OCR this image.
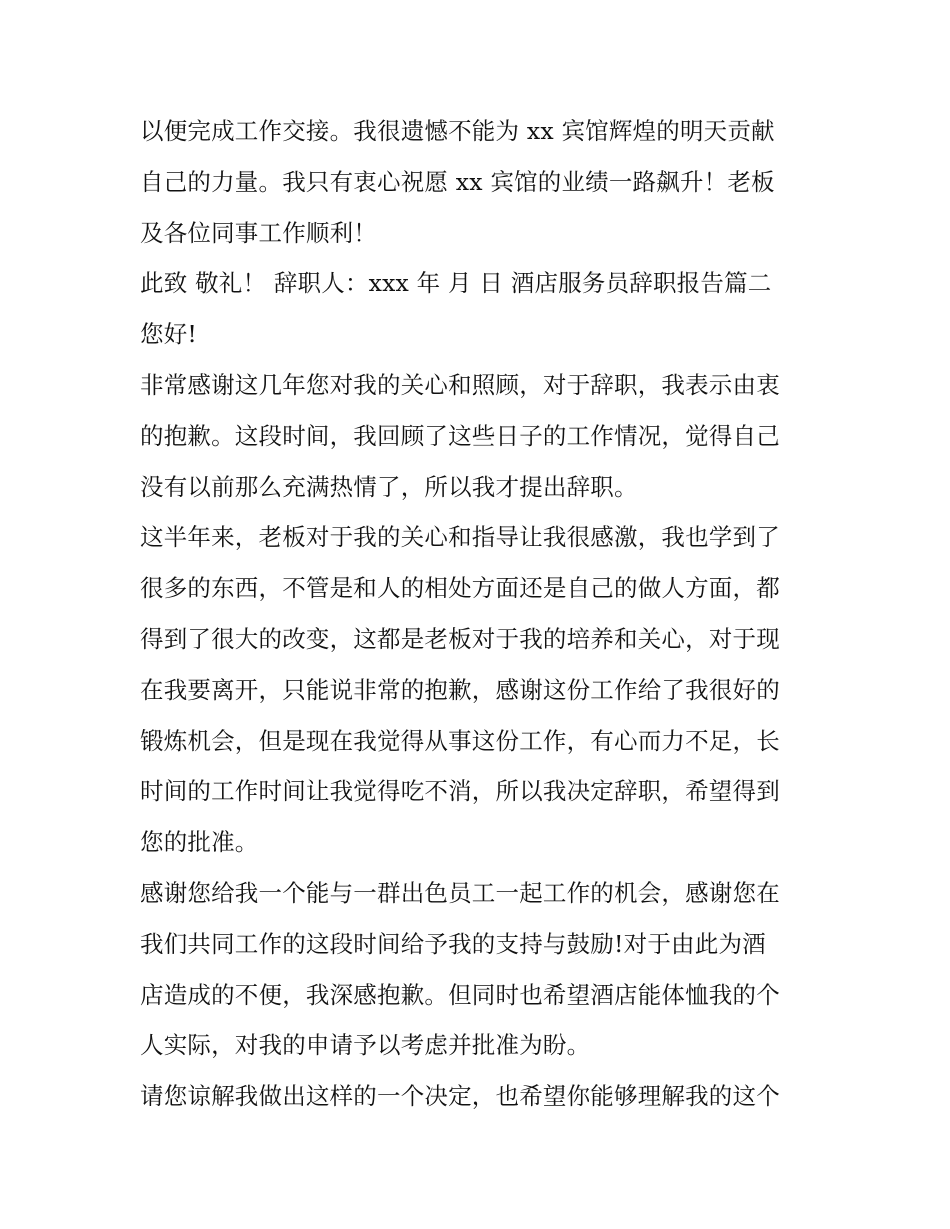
以便完成工作交接。我很遗憾不能为 xx 宾馆辉煌的明天贡献
自己的力量。我只有衷心祝愿 xx 宾馆的业绩一路飙升！老板
及各位同事工作顺利！
此致 敬礼！ 辞职人：xxx 年 月 日 酒店服务员辞职报告篇二
您好!
非常感谢这几年您对我的关心和照顾，对于辞职，我表示由衷
的抱歉。这段时间，我回顾了这些日子的工作情况，觉得自己
没有以前那么充满热情了，所以我才提出辞职。
这半年来，老板对于我的关心和指导让我很感激，我也学到了
很多的东西，不管是和人的相处方面还是自己的做人方面，都
得到了很大的改变，这都是老板对于我的培养和关心，对于现
在我要离开，只能说非常的抱歉，感谢这份工作给了我很好的
锻炼机会，但是现在我觉得从事这份工作，有心而力不足，长
时间的工作时间让我觉得吃不消，所以我决定辞职，希望得到
您的批准。
感谢您给我一个能与一群出色员工一起工作的机会，感谢您在
我们共同工作的这段时间给予我的支持与鼓励!对于由此为酒
店造成的不便，我深感抱歉。但同时也希望酒店能体恤我的个
人实际，对我的申请予以考虑并批准为盼。
请您谅解我做出这样的一个决定，也希望你能够理解我的这个
